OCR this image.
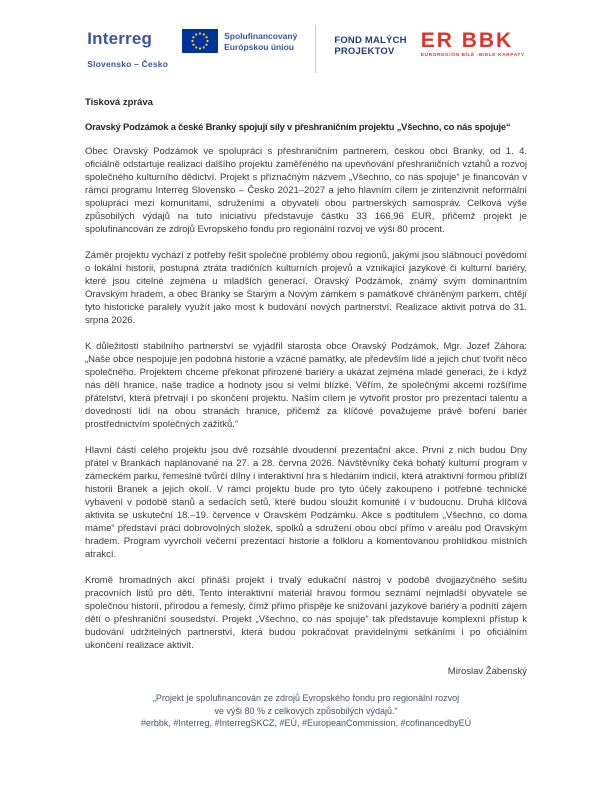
Interreg
Slovensko – Česko
Spolufinancovaný
Európskou úniou
FOND MALÝCH
PROJEKTOV	ER BBK
EUROREGIÓN BÍLÉ -BIELE KARPATY

Tisková zpráva

Oravský Podzámok a české Branky spojují síly v přeshraničním projektu „Všechno, co nás spojuje“

Obec Oravský Podzámok ve spolupráci s přeshraničním partnerem, českou obcí Branky, od 1. 4. oficiálně odstartuje realizaci dalšího projektu zaměřeného na upevňování přeshraničních vztahů a rozvoj společného kulturního dědictví. Projekt s příznačným názvem „Všechno, co nás spojuje“ je financován v rámci programu Interreg Slovensko – Česko 2021–2027 a jeho hlavním cílem je zintenzivnit neformální spolupráci mezi komunitami, sdruženími a obyvateli obou partnerských samospráv. Celková výše způsobilých výdajů na tuto iniciativu představuje částku 33 166,96 EUR, přičemž projekt je spolufinancován ze zdrojů Evropského fondu pro regionální rozvoj ve výši 80 procent.

Záměr projektu vychází z potřeby řešit společné problémy obou regionů, jakými jsou slábnoucí povědomí o lokální historii, postupná ztráta tradičních kulturních projevů a vznikající jazykové či kulturní bariéry, které jsou citelné zejména u mladších generací. Oravský Podzámok, známý svým dominantním Oravským hradem, a obec Branky se Starým a Novým zámkem s památkově chráněným parkem, chtějí tyto historické paralely využít jako most k budování nových partnerství. Realizace aktivit potrvá do 31. srpna 2026.

K důležitosti stabilního partnerství se vyjádřil starosta obce Oravský Podzámok, Mgr. Jozef Záhora: „Naše obce nespojuje jen podobná historie a vzácné památky, ale především lidé a jejich chuť tvořit něco společného. Projektem chceme překonat přirozené bariéry a ukázat zejména mladé generaci, že i když nás dělí hranice, naše tradice a hodnoty jsou si velmi blízké. Věřím, že společnými akcemi rozšíříme přátelství, která přetrvají i po skončení projektu. Naším cílem je vytvořit prostor pro prezentaci talentu a dovedností lidí na obou stranách hranice, přičemž za klíčové považujeme právě boření bariér prostřednictvím společných zážitků.“

Hlavní částí celého projektu jsou dvě rozsáhlé dvoudenní prezentační akce. První z nich budou Dny přátel v Brankách naplánované na 27. a 28. června 2026. Návštěvníky čeká bohatý kulturní program v zámeckém parku, řemeslné tvůrčí dílny i interaktivní hra s hledáním indicií, která atraktivní formou přiblíží historii Branek a jejich okolí. V rámci projektu bude pro tyto účely zakoupeno i potřebné technické vybavení v podobě stanů a sedacích setů, které budou sloužit komunitě i v budoucnu. Druhá klíčová aktivita se uskuteční 18.–19. července v Oravském Podzámku. Akce s podtitulem „Všechno, co doma máme“ představí práci dobrovolných složek, spolků a sdružení obou obcí přímo v areálu pod Oravským hradem. Program vyvrcholí večerní prezentací historie a folkloru a komentovanou prohlídkou místních atrakcí.

Kromě hromadných akcí přináší projekt i trvalý edukační nástroj v podobě dvojjazyčného sešitu pracovních listů pro děti. Tento interaktivní materiál hravou formou seznámí nejmladší obyvatele se společnou historií, přírodou a řemesly, čímž přímo přispěje ke snižování jazykové bariéry a podnítí zájem dětí o přeshraniční sousedství. Projekt „Všechno, co nás spojuje“ tak představuje komplexní přístup k budování udržitelných partnerství, která budou pokračovat pravidelnými setkáními i po oficiálním ukončení realizace aktivit.

Miroslav Žabenský

„Projekt je spolufinancován ze zdrojů Evropského fondu pro regionální rozvoj
ve výši 80 % z celkových způsobilých výdajů.“
#erbbk, #Interreg, #InterregSKCZ, #EÚ, #EuropeanCommission, #cofinancedbyEÚ
